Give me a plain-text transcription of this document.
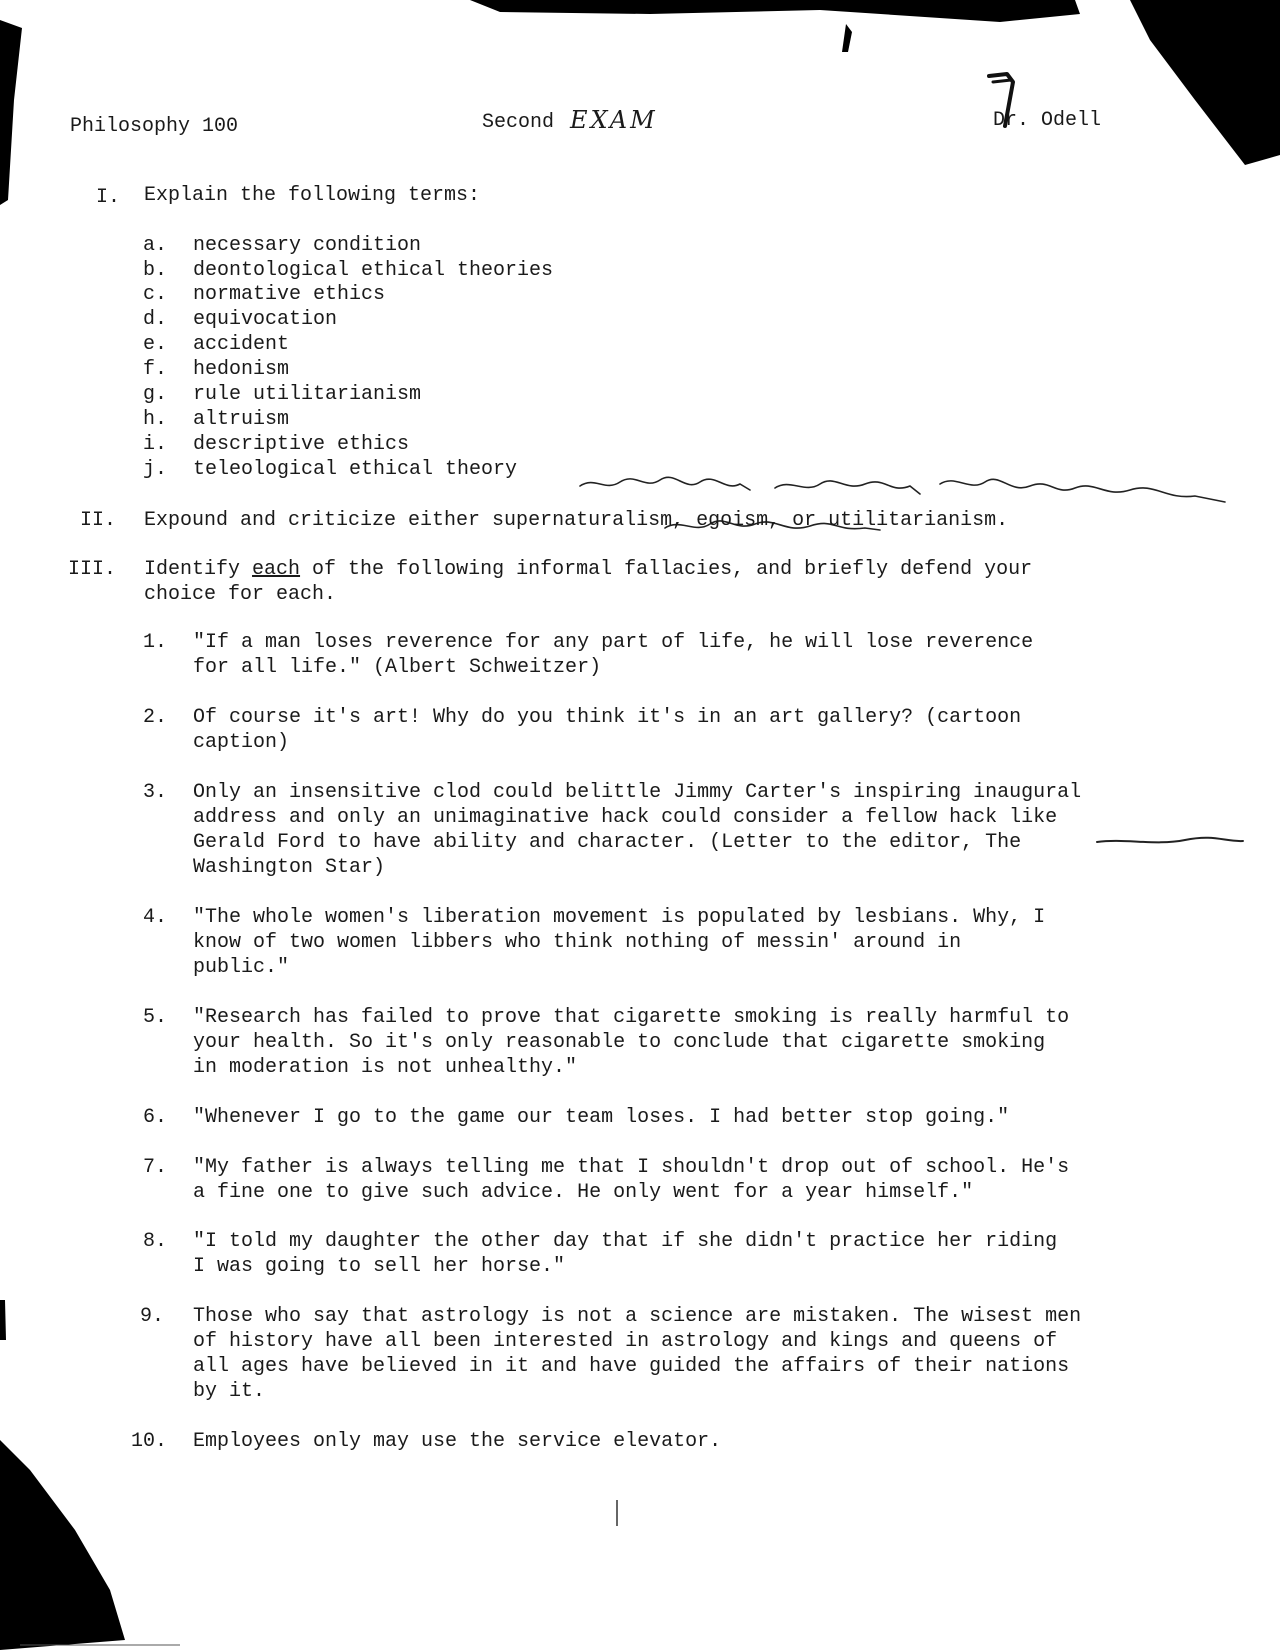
Philosophy 100	Second EXAM	Dr. Odell
I. Explain the following terms:
a. necessary condition
b. deontological ethical theories
c. normative ethics
d. equivocation
e. accident
f. hedonism
g. rule utilitarianism
h. altruism
i. descriptive ethics
j. teleological ethical theory
II. Expound and criticize either supernaturalism, egoism, or utilitarianism.
III. Identify each of the following informal fallacies, and briefly defend your
choice for each.
1. "If a man loses reverence for any part of life, he will lose reverence
for all life." (Albert Schweitzer)
2. Of course it's art! Why do you think it's in an art gallery? (cartoon
caption)
3. Only an insensitive clod could belittle Jimmy Carter's inspiring inaugural
address and only an unimaginative hack could consider a fellow hack like
Gerald Ford to have ability and character. (Letter to the editor, The
Washington Star)
4. "The whole women's liberation movement is populated by lesbians. Why, I
know of two women libbers who think nothing of messin' around in
public."
5. "Research has failed to prove that cigarette smoking is really harmful to
your health. So it's only reasonable to conclude that cigarette smoking
in moderation is not unhealthy."
6. "Whenever I go to the game our team loses. I had better stop going."
7. "My father is always telling me that I shouldn't drop out of school. He's
a fine one to give such advice. He only went for a year himself."
8. "I told my daughter the other day that if she didn't practice her riding
I was going to sell her horse."
9. Those who say that astrology is not a science are mistaken. The wisest men
of history have all been interested in astrology and kings and queens of
all ages have believed in it and have guided the affairs of their nations
by it.
10. Employees only may use the service elevator.
